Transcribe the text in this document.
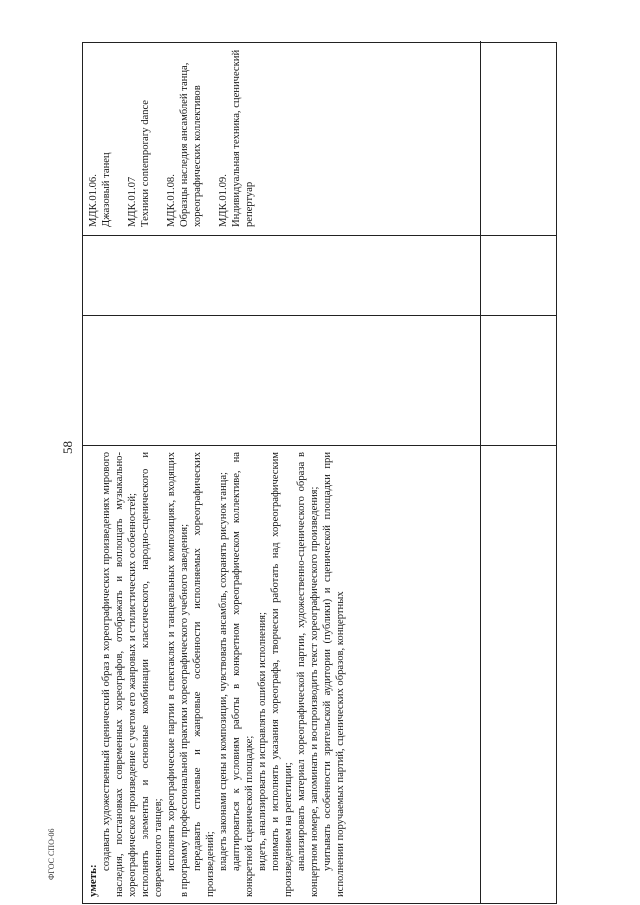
58
ФГОС СПО-06
уметь:

создавать художественный сценический образ в хореографических произведениях мирового наследия, постановках современных хореографов, отображать и воплощать музыкально-хореографическое произведение с учетом его жанровых и стилистических особенностей; исполнять элементы и основные комбинации классического, народно-сценического и современного танцев; исполнять хореографические партии в спектаклях и танцевальных композициях, входящих в программу профессиональной практики хореографического учебного заведения; передавать стилевые и жанровые особенности исполняемых хореографических произведений; владеть законами сцены и композиции, чувствовать ансамбль, сохранять рисунок танца; адаптироваться к условиям работы в конкретном хореографическом коллективе, на конкретной сценической площадке; видеть, анализировать и исправлять ошибки исполнения; понимать и исполнять указания хореографа, творчески работать над хореографическим произведением на репетиции; анализировать материал хореографической партии, художественно-сценического образа в концертном номере, запоминать и воспроизводить текст хореографического произведения; учитывать особенности зрительской аудитории (публики) и сценической площадки при исполнении поручаемых партий, сценических образов, концертных

МДК.01.06. Джазовый танец МДК.01.07 Техники contemporary dance МДК.01.08. Образцы наследия ансамблей танца, хореографических коллективов МДК.01.09. Индивидуальная техника, сценический репертуар
